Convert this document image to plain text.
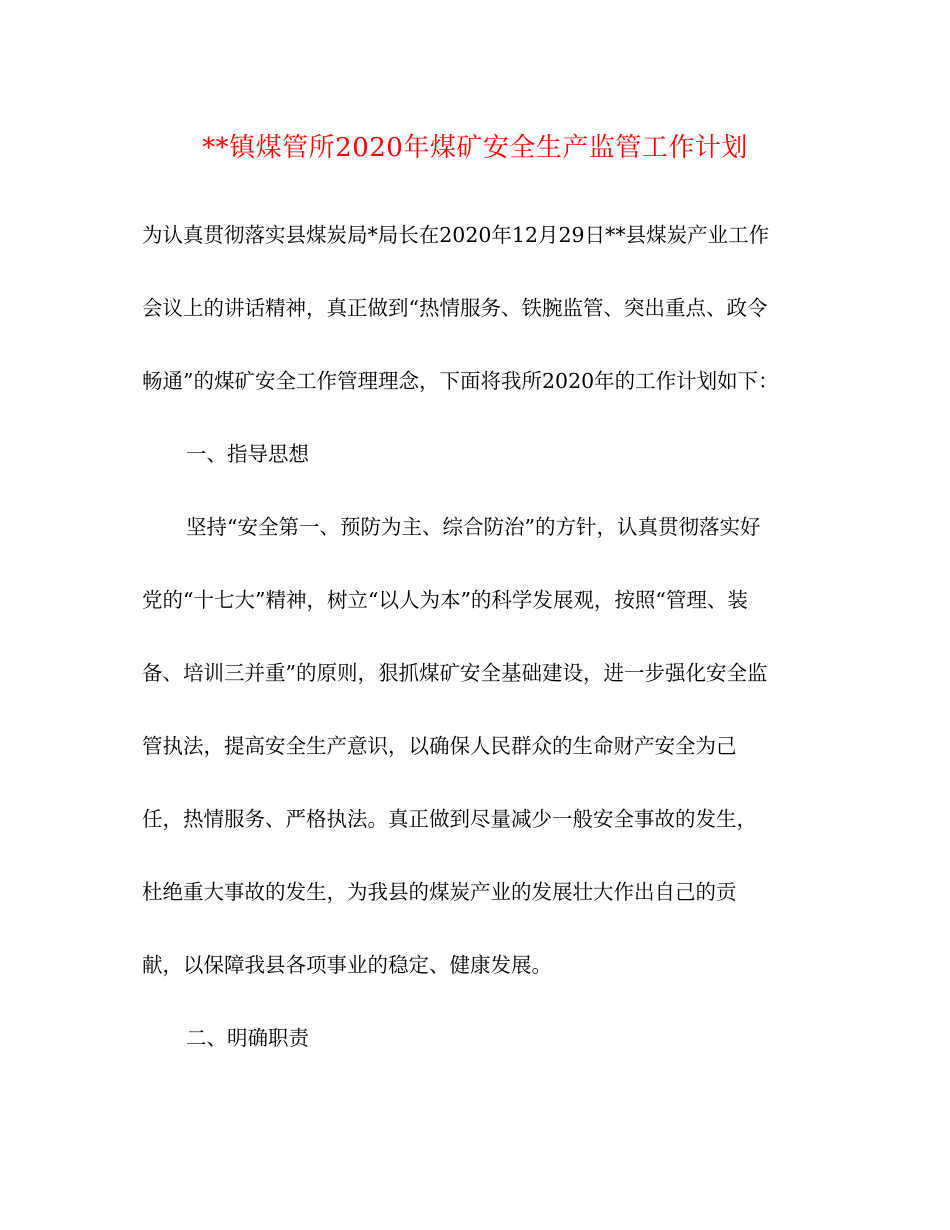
**镇煤管所2020年煤矿安全生产监管工作计划
为认真贯彻落实县煤炭局*局长在2020年12月29日**县煤炭产业工作
会议上的讲话精神，真正做到“热情服务、铁腕监管、突出重点、政令
畅通”的煤矿安全工作管理理念，下面将我所2020年的工作计划如下：
一、指导思想
坚持“安全第一、预防为主、综合防治”的方针，认真贯彻落实好
党的“十七大”精神，树立“以人为本”的科学发展观，按照“管理、装
备、培训三并重”的原则，狠抓煤矿安全基础建设，进一步强化安全监
管执法，提高安全生产意识，以确保人民群众的生命财产安全为己
任，热情服务、严格执法。真正做到尽量减少一般安全事故的发生，
杜绝重大事故的发生，为我县的煤炭产业的发展壮大作出自己的贡
献，以保障我县各项事业的稳定、健康发展。
二、明确职责
